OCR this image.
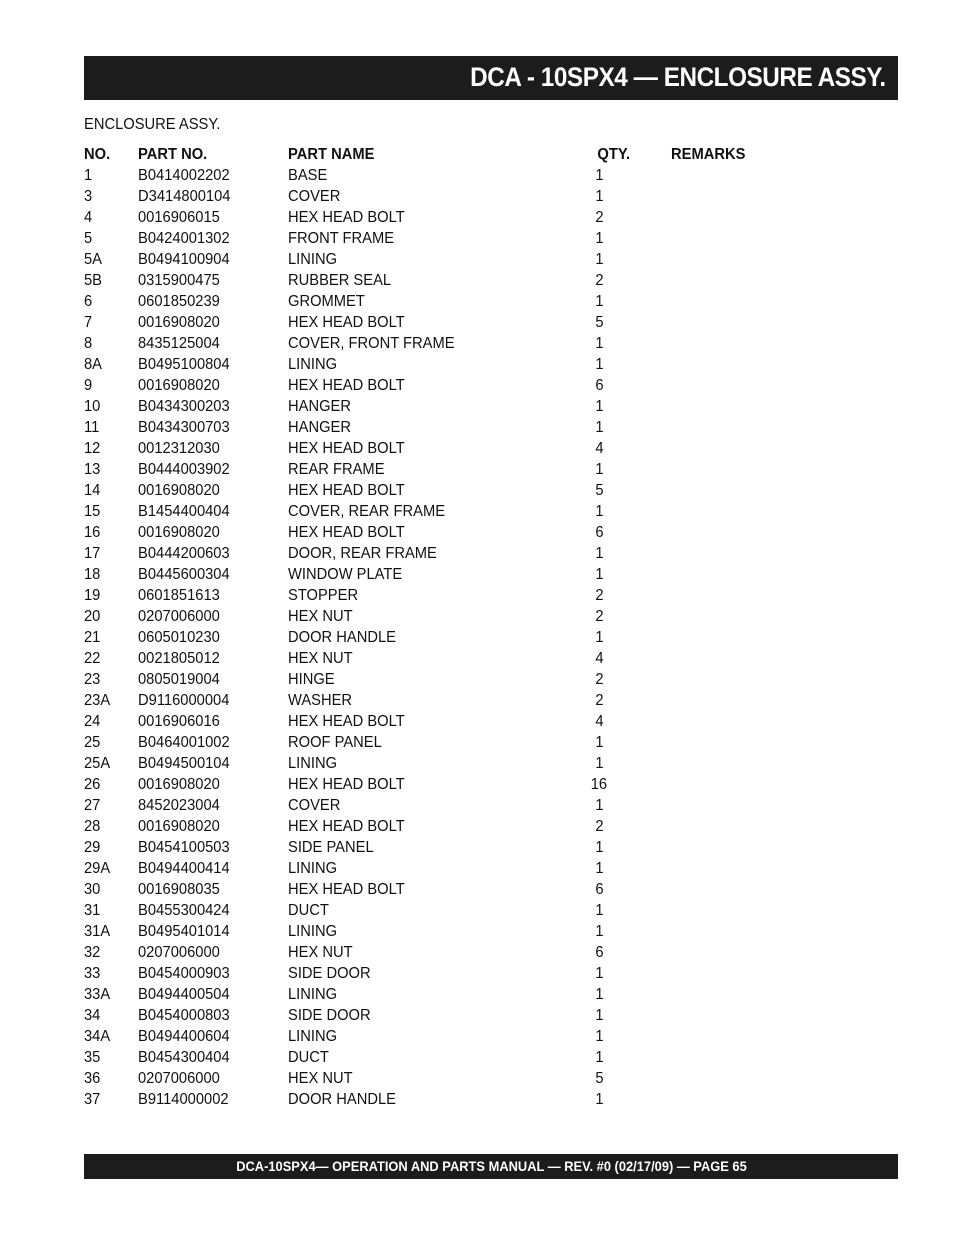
DCA - 10SPX4 — ENCLOSURE ASSY.
ENCLOSURE ASSY.
NO.	PART NO.	PART NAME	QTY.	REMARKS
1	B0414002202	BASE	1	
3	D3414800104	COVER	1	
4	0016906015	HEX HEAD BOLT	2	
5	B0424001302	FRONT FRAME	1	
5A	B0494100904	LINING	1	
5B	0315900475	RUBBER SEAL	2	
6	0601850239	GROMMET	1	
7	0016908020	HEX HEAD BOLT	5	
8	8435125004	COVER, FRONT FRAME	1	
8A	B0495100804	LINING	1	
9	0016908020	HEX HEAD BOLT	6	
10	B0434300203	HANGER	1	
11	B0434300703	HANGER	1	
12	0012312030	HEX HEAD BOLT	4	
13	B0444003902	REAR FRAME	1	
14	0016908020	HEX HEAD BOLT	5	
15	B1454400404	COVER, REAR FRAME	1	
16	0016908020	HEX HEAD BOLT	6	
17	B0444200603	DOOR, REAR FRAME	1	
18	B0445600304	WINDOW PLATE	1	
19	0601851613	STOPPER	2	
20	0207006000	HEX NUT	2	
21	0605010230	DOOR HANDLE	1	
22	0021805012	HEX NUT	4	
23	0805019004	HINGE	2	
23A	D9116000004	WASHER	2	
24	0016906016	HEX HEAD BOLT	4	
25	B0464001002	ROOF PANEL	1	
25A	B0494500104	LINING	1	
26	0016908020	HEX HEAD BOLT	16	
27	8452023004	COVER	1	
28	0016908020	HEX HEAD BOLT	2	
29	B0454100503	SIDE PANEL	1	
29A	B0494400414	LINING	1	
30	0016908035	HEX HEAD BOLT	6	
31	B0455300424	DUCT	1	
31A	B0495401014	LINING	1	
32	0207006000	HEX NUT	6	
33	B0454000903	SIDE DOOR	1	
33A	B0494400504	LINING	1	
34	B0454000803	SIDE DOOR	1	
34A	B0494400604	LINING	1	
35	B0454300404	DUCT	1	
36	0207006000	HEX NUT	5	
37	B9114000002	DOOR HANDLE	1	
DCA-10SPX4— OPERATION AND PARTS MANUAL — REV. #0 (02/17/09) — PAGE 65
